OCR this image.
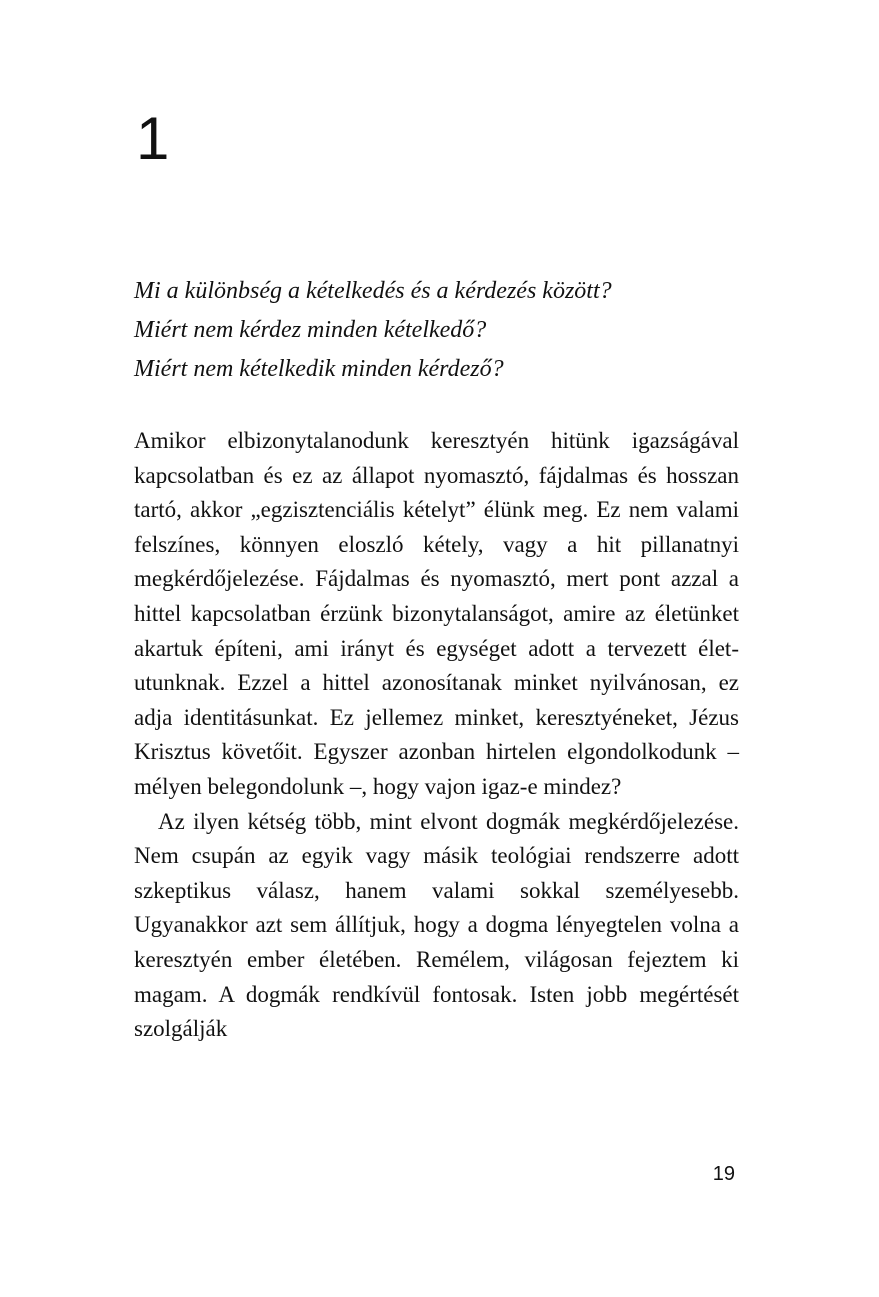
1
Mi a különbség a kételkedés és a kérdezés között?
Miért nem kérdez minden kételkedő?
Miért nem kételkedik minden kérdező?

Amikor elbizonytalanodunk keresztyén hitünk igazságával kapcsolatban és ez az állapot nyomasztó, fájdalmas és hosszan tartó, akkor „egzisztenciális kételyt” élünk meg. Ez nem valami felszínes, könnyen eloszló kétely, vagy a hit pillanatnyi megkérdőjelezése. Fájdalmas és nyomasztó, mert pont azzal a hittel kapcsolatban érzünk bizonytalanságot, amire az életünket akartuk építeni, ami irányt és egységet adott a tervezett életutunknak. Ezzel a hittel azonosítanak minket nyilvánosan, ez adja identitásunkat. Ez jellemez minket, keresztyéneket, Jézus Krisztus követőit. Egyszer azonban hirtelen elgondolkodunk – mélyen belegondolunk –, hogy vajon igaz-e mindez?

Az ilyen kétség több, mint elvont dogmák megkérdőjelezése. Nem csupán az egyik vagy másik teológiai rendszerre adott szkeptikus válasz, hanem valami sokkal személyesebb. Ugyanakkor azt sem állítjuk, hogy a dogma lényegtelen volna a keresztyén ember életében. Remélem, világosan fejeztem ki magam. A dogmák rendkívül fontosak. Isten jobb megértését szolgálják

19
